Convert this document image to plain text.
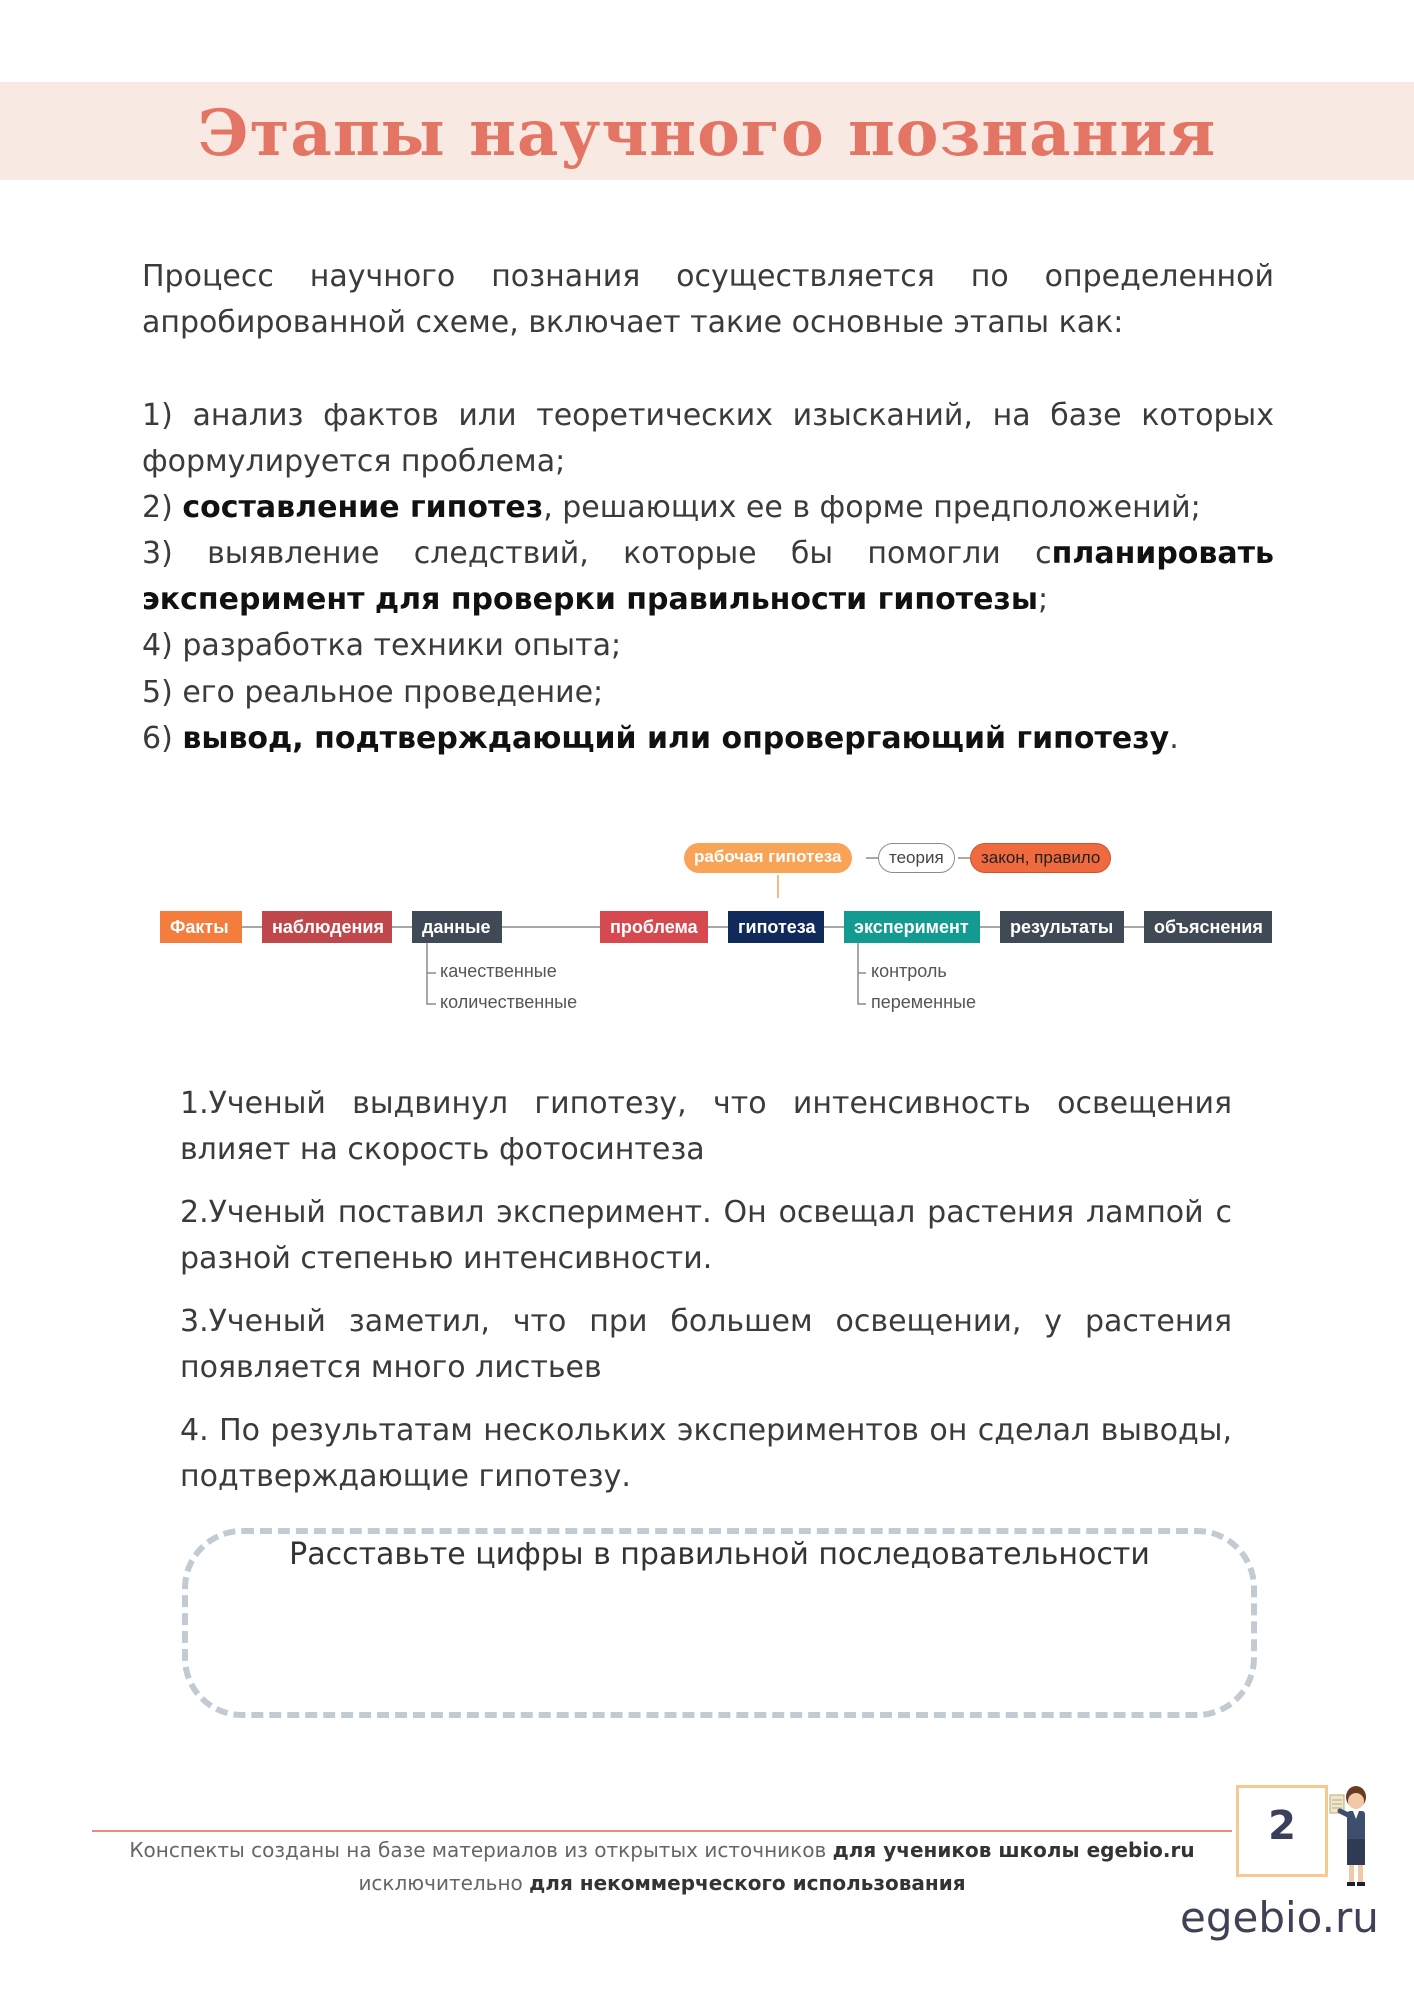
Этапы научного познания
Процесс научного познания осуществляется по определенной
апробированной схеме, включает такие основные этапы как:
1) анализ фактов или теоретических изысканий, на базе которых
формулируется проблема;
2) составление гипотез, решающих ее в форме предположений;
3) выявление следствий, которые бы помогли спланировать
эксперимент для проверки правильности гипотезы;
4) разработка техники опыта;
5) его реальное проведение;
6) вывод, подтверждающий или опровергающий гипотезу.
Факты	наблюдения	данные	проблема	гипотеза	эксперимент	результаты	объяснения
рабочая гипотеза	теория	закон, правило
качественные
количественные
контроль
переменные
1.Ученый выдвинул гипотезу, что интенсивность освещения
влияет на скорость фотосинтеза
2.Ученый поставил эксперимент. Он освещал растения лампой с
разной степенью интенсивности.
3.Ученый заметил, что при большем освещении, у растения
появляется много листьев
4. По результатам нескольких экспериментов он сделал выводы,
подтверждающие гипотезу.
Расставьте цифры в правильной последовательности
Конспекты созданы на базе материалов из открытых источников для учеников школы egebio.ru
исключительно для некоммерческого использования
2
egebio.ru
